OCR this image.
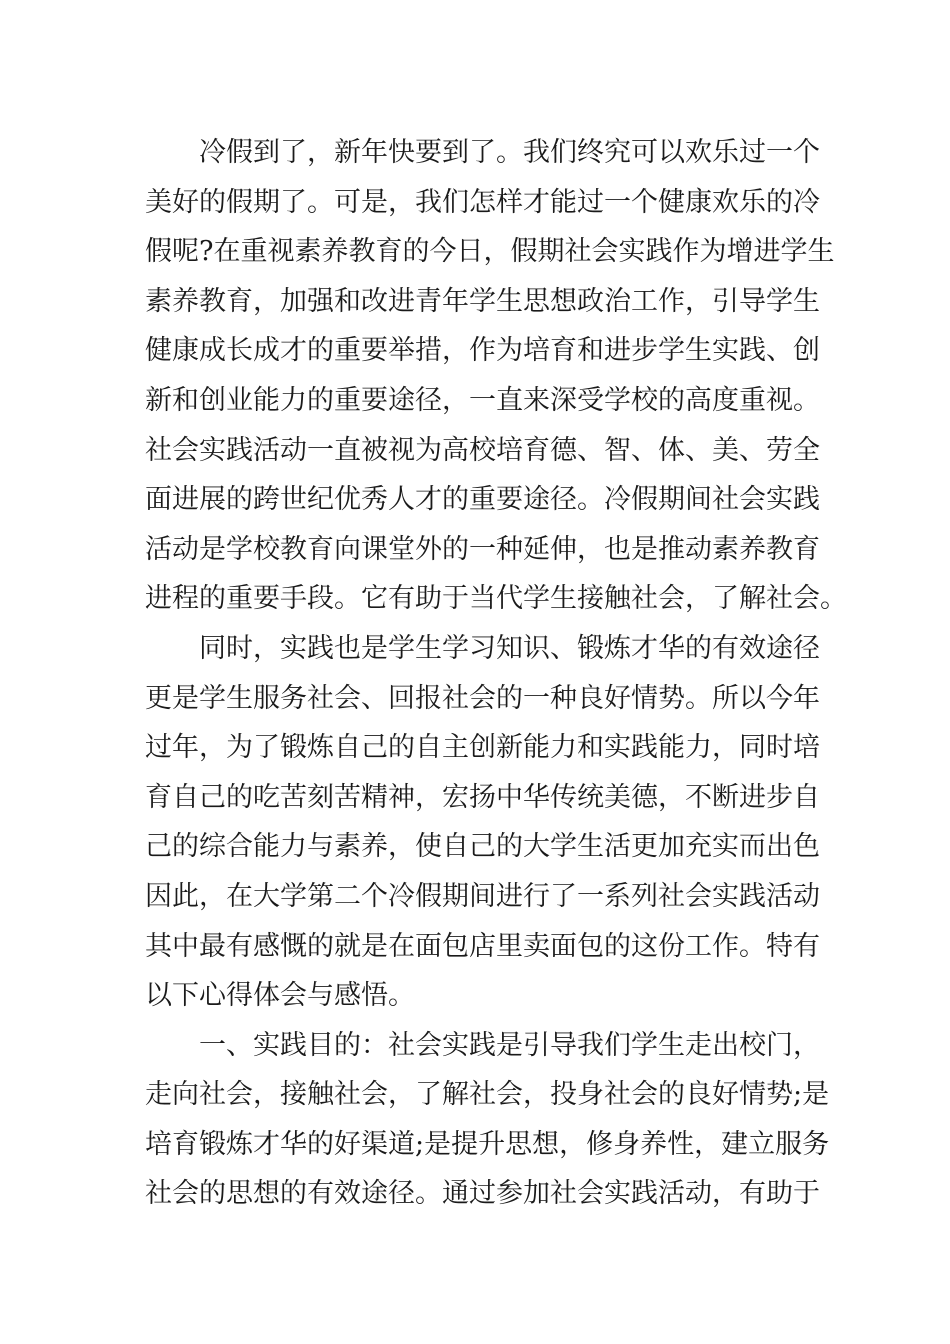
冷假到了，新年快要到了。我们终究可以欢乐过一个
美好的假期了。可是，我们怎样才能过一个健康欢乐的冷
假呢?在重视素养教育的今日，假期社会实践作为增进学生
素养教育，加强和改进青年学生思想政治工作，引导学生
健康成长成才的重要举措，作为培育和进步学生实践、创
新和创业能力的重要途径，一直来深受学校的高度重视。
社会实践活动一直被视为高校培育德、智、体、美、劳全
面进展的跨世纪优秀人才的重要途径。冷假期间社会实践
活动是学校教育向课堂外的一种延伸，也是推动素养教育
进程的重要手段。它有助于当代学生接触社会，了解社会。
同时，实践也是学生学习知识、锻炼才华的有效途径
更是学生服务社会、回报社会的一种良好情势。所以今年
过年，为了锻炼自己的自主创新能力和实践能力，同时培
育自己的吃苦刻苦精神，宏扬中华传统美德，不断进步自
己的综合能力与素养，使自己的大学生活更加充实而出色
因此，在大学第二个冷假期间进行了一系列社会实践活动
其中最有感慨的就是在面包店里卖面包的这份工作。特有
以下心得体会与感悟。
一、实践目的：社会实践是引导我们学生走出校门，
走向社会，接触社会，了解社会，投身社会的良好情势;是
培育锻炼才华的好渠道;是提升思想，修身养性，建立服务
社会的思想的有效途径。通过参加社会实践活动，有助于
